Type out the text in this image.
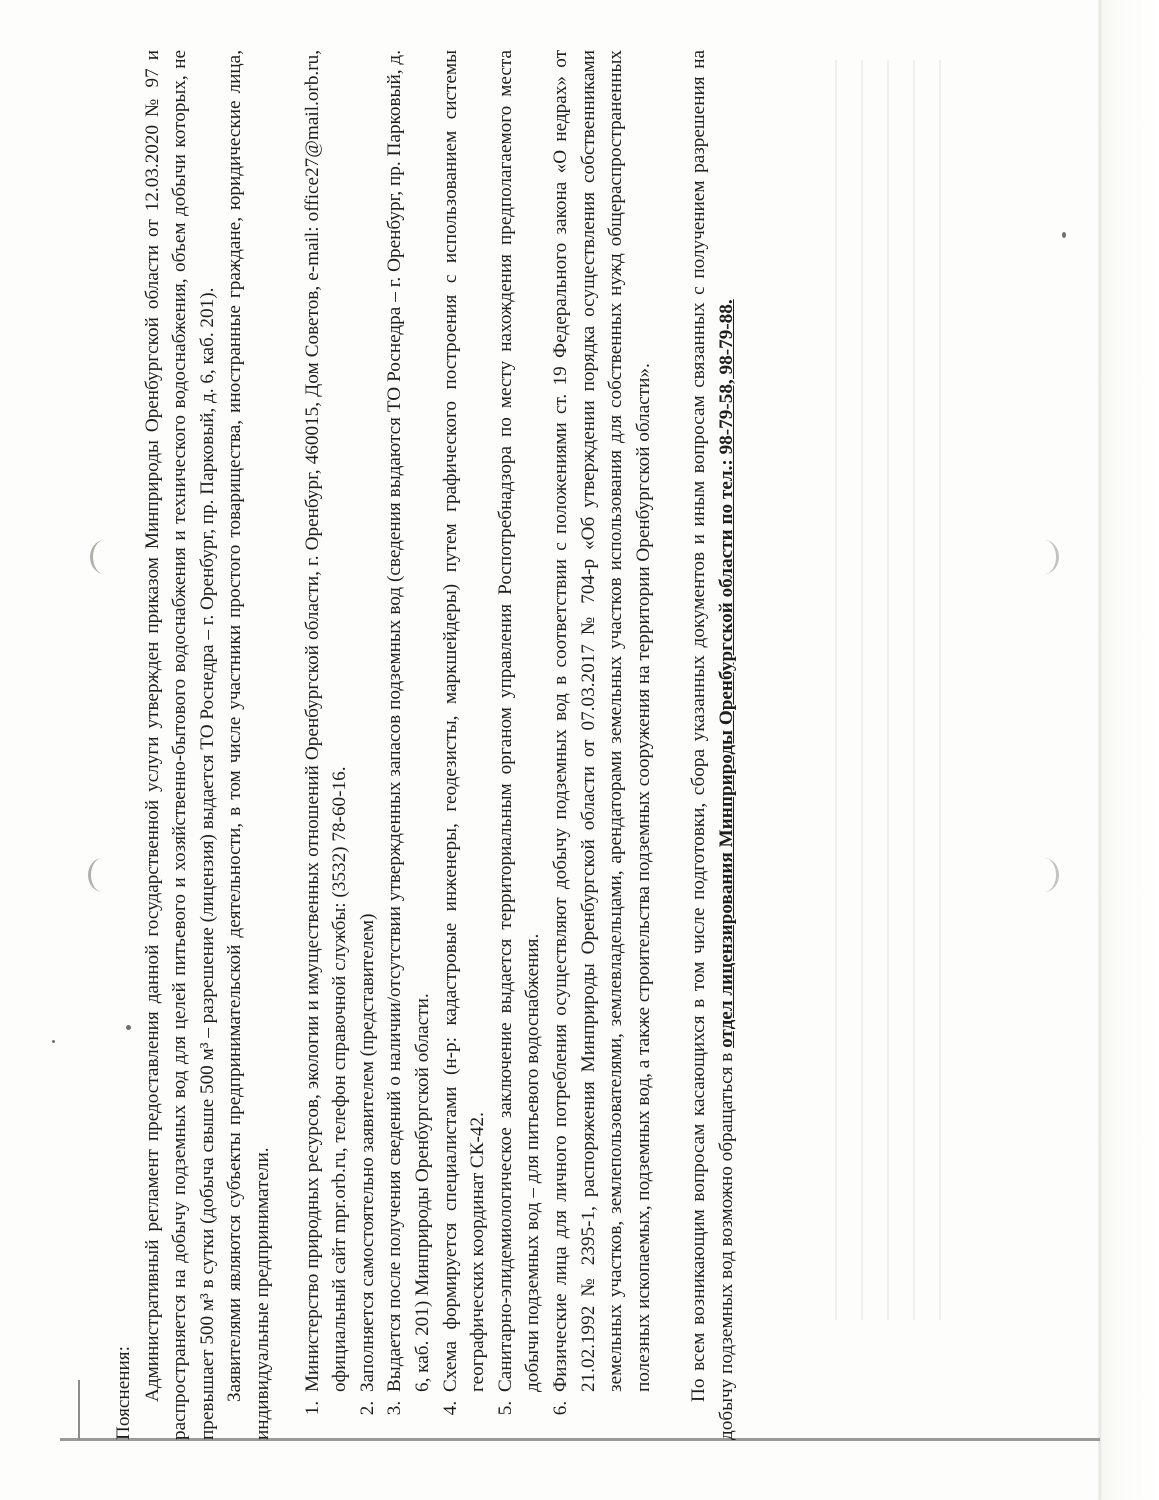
Пояснения: Административный регламент предоставления данной государственной услуги утвержден приказом Минприроды Оренбургской области от 12.03.2020 № 97 и распространяется на добычу подземных вод для целей питьевого и хозяйственно-бытового водоснабжения и технического водоснабжения, объем добычи которых, не превышает 500 м³ в сутки (добыча свыше 500 м³ – разрешение (лицензия) выдается ТО Роснедра – г. Оренбург, пр. Парковый, д. 6, каб. 201). Заявителями являются субъекты предпринимательской деятельности, в том числе участники простого товарищества, иностранные граждане, юридические лица, индивидуальные предприниматели. 1. Министерство природных ресурсов, экологии и имущественных отношений Оренбургской области, г. Оренбург, 460015, Дом Советов, e-mail: office27@mail.orb.ru, официальный сайт mpr.orb.ru, телефон справочной службы: (3532) 78-60-16. 2. Заполняется самостоятельно заявителем (представителем) 3. Выдается после получения сведений о наличии/отсутствии утвержденных запасов подземных вод (сведения выдаются ТО Роснедра – г. Оренбург, пр. Парковый, д. 6, каб. 201) Минприроды Оренбургской области. 4. Схема формируется специалистами (н-р: кадастровые инженеры, геодезисты, маркшейдеры) путем графического построения с использованием системы географических координат СК-42. 5. Санитарно-эпидемиологическое заключение выдается территориальным органом управления Роспотребнадзора по месту нахождения предполагаемого места добычи подземных вод – для питьевого водоснабжения. 6. Физические лица для личного потребления осуществляют добычу подземных вод в соответствии с положениями ст. 19 Федерального закона «О недрах» от 21.02.1992 № 2395-1, распоряжения Минприроды Оренбургской области от 07.03.2017 № 704-р «Об утверждении порядка осуществления собственниками земельных участков, землепользователями, землевладельцами, арендаторами земельных участков использования для собственных нужд общераспространенных полезных ископаемых, подземных вод, а также строительства подземных сооружения на территории Оренбургской области». По всем возникающим вопросам касающихся в том числе подготовки, сбора указанных документов и иным вопросам связанных с получением разрешения на добычу подземных вод возможно обращаться в отдел лицензирования Минприроды Оренбургской области по тел.: 98-79-58, 98-79-88.
